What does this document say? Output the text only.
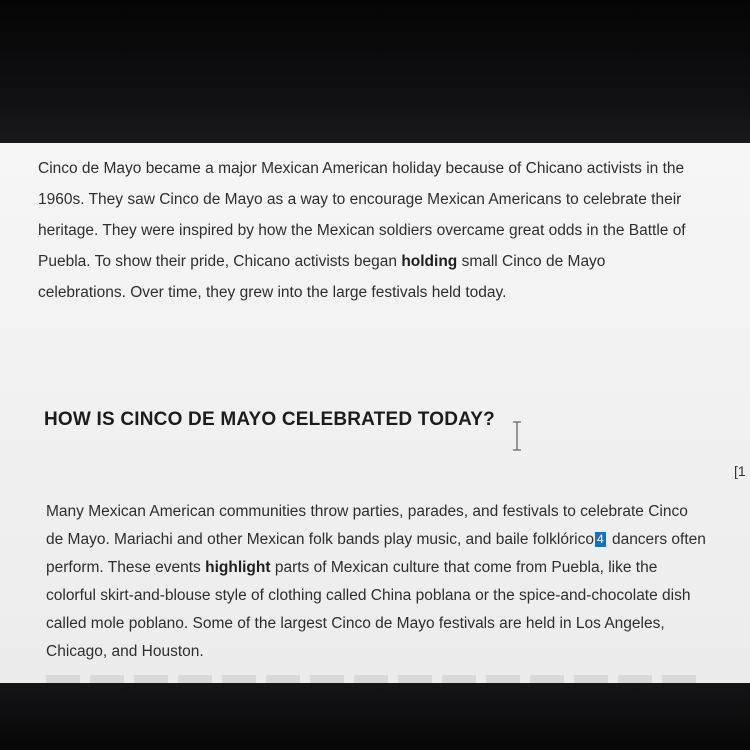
Cinco de Mayo became a major Mexican American holiday because of Chicano activists in the
1960s. They saw Cinco de Mayo as a way to encourage Mexican Americans to celebrate their
heritage. They were inspired by how the Mexican soldiers overcame great odds in the Battle of
Puebla. To show their pride, Chicano activists began holding small Cinco de Mayo
celebrations. Over time, they grew into the large festivals held today.
HOW IS CINCO DE MAYO CELEBRATED TODAY?
[1
Many Mexican American communities throw parties, parades, and festivals to celebrate Cinco
de Mayo. Mariachi and other Mexican folk bands play music, and baile folklórico 4 dancers often
perform. These events highlight parts of Mexican culture that come from Puebla, like the
colorful skirt-and-blouse style of clothing called China poblana or the spice-and-chocolate dish
called mole poblano. Some of the largest Cinco de Mayo festivals are held in Los Angeles,
Chicago, and Houston.
